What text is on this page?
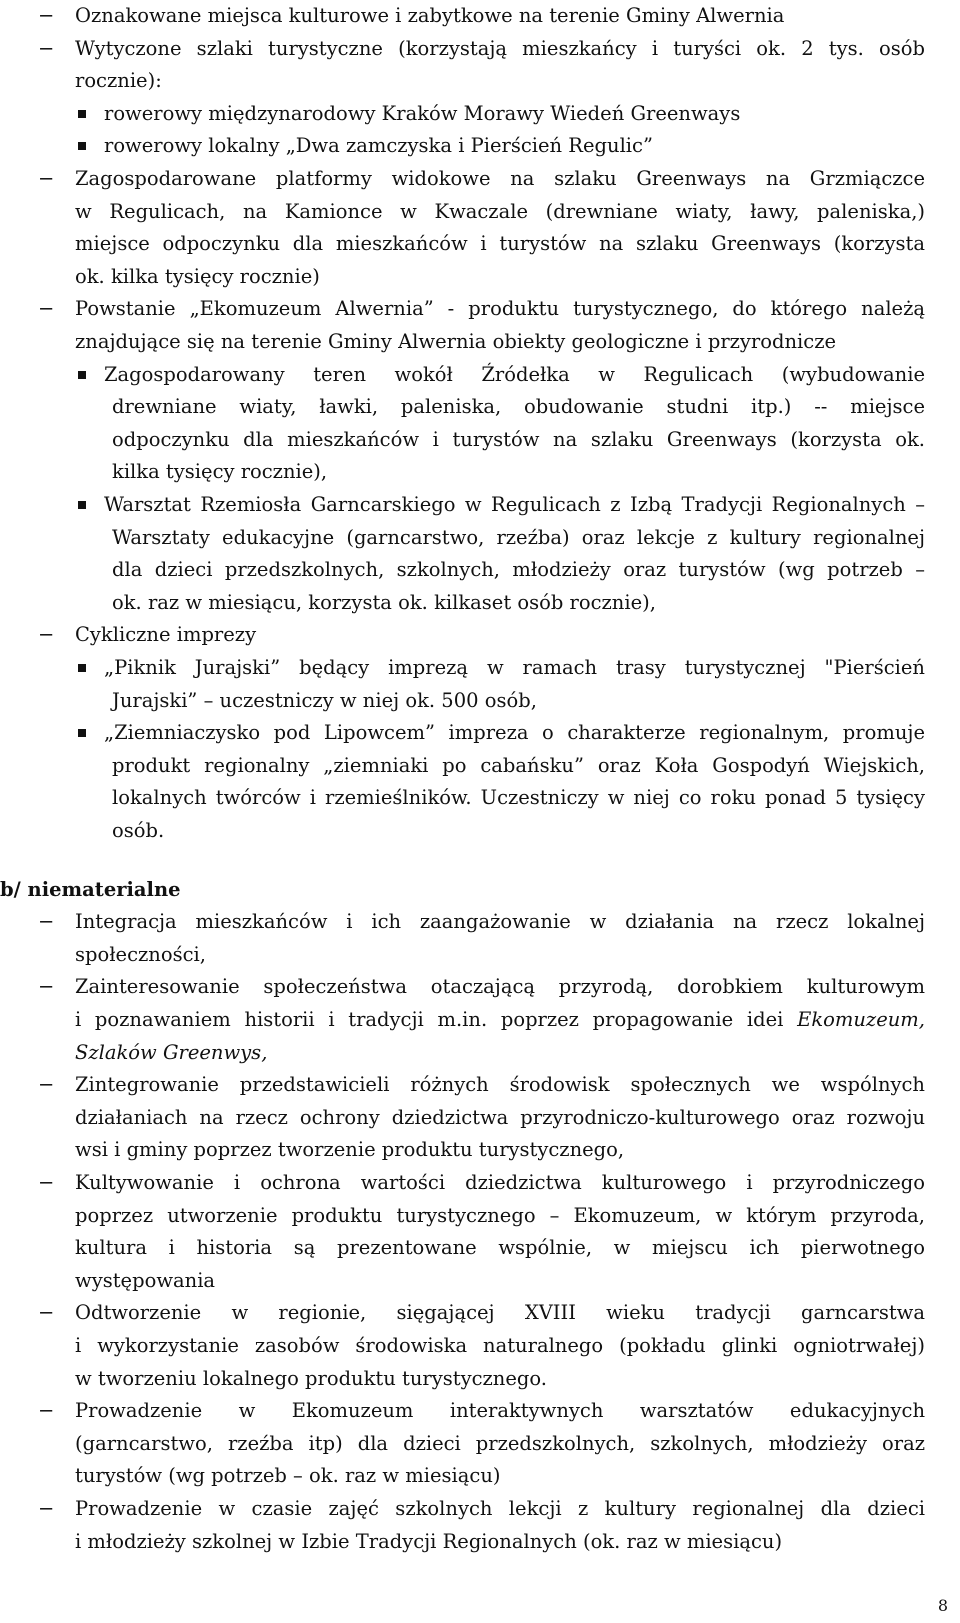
− Oznakowane miejsca kulturowe i zabytkowe na terenie Gminy Alwernia
− Wytyczone szlaki turystyczne (korzystają mieszkańcy i turyści ok. 2 tys. osób
rocznie):
rowerowy międzynarodowy Kraków Morawy Wiedeń Greenways
rowerowy lokalny „Dwa zamczyska i Pierścień Regulic”
− Zagospodarowane platformy widokowe na szlaku Greenways na Grzmiączce
w Regulicach, na Kamionce w Kwaczale (drewniane wiaty, ławy, paleniska,)
miejsce odpoczynku dla mieszkańców i turystów na szlaku Greenways (korzysta
ok. kilka tysięcy rocznie)
− Powstanie „Ekomuzeum Alwernia” - produktu turystycznego, do którego należą
znajdujące się na terenie Gminy Alwernia obiekty geologiczne i przyrodnicze
Zagospodarowany teren wokół Źródełka w Regulicach (wybudowanie
drewniane wiaty, ławki, paleniska, obudowanie studni itp.) -- miejsce
odpoczynku dla mieszkańców i turystów na szlaku Greenways (korzysta ok.
kilka tysięcy rocznie),
Warsztat Rzemiosła Garncarskiego w Regulicach z Izbą Tradycji Regionalnych –
Warsztaty edukacyjne (garncarstwo, rzeźba) oraz lekcje z kultury regionalnej
dla dzieci przedszkolnych, szkolnych, młodzieży oraz turystów (wg potrzeb –
ok. raz w miesiącu, korzysta ok. kilkaset osób rocznie),
− Cykliczne imprezy
„Piknik Jurajski” będący imprezą w ramach trasy turystycznej "Pierścień
Jurajski” – uczestniczy w niej ok. 500 osób,
„Ziemniaczysko pod Lipowcem” impreza o charakterze regionalnym, promuje
produkt regionalny „ziemniaki po cabańsku” oraz Koła Gospodyń Wiejskich,
lokalnych twórców i rzemieślników. Uczestniczy w niej co roku ponad 5 tysięcy
osób.
b/ niematerialne
− Integracja mieszkańców i ich zaangażowanie w działania na rzecz lokalnej
społeczności,
− Zainteresowanie społeczeństwa otaczającą przyrodą, dorobkiem kulturowym
i poznawaniem historii i tradycji m.in. poprzez propagowanie idei Ekomuzeum,
Szlaków Greenwys,
− Zintegrowanie przedstawicieli różnych środowisk społecznych we wspólnych
działaniach na rzecz ochrony dziedzictwa przyrodniczo-kulturowego oraz rozwoju
wsi i gminy poprzez tworzenie produktu turystycznego,
− Kultywowanie i ochrona wartości dziedzictwa kulturowego i przyrodniczego
poprzez utworzenie produktu turystycznego – Ekomuzeum, w którym przyroda,
kultura i historia są prezentowane wspólnie, w miejscu ich pierwotnego
występowania
− Odtworzenie w regionie, sięgającej XVIII wieku tradycji garncarstwa
i wykorzystanie zasobów środowiska naturalnego (pokładu glinki ogniotrwałej)
w tworzeniu lokalnego produktu turystycznego.
− Prowadzenie w Ekomuzeum interaktywnych warsztatów edukacyjnych
(garncarstwo, rzeźba itp) dla dzieci przedszkolnych, szkolnych, młodzieży oraz
turystów (wg potrzeb – ok. raz w miesiącu)
− Prowadzenie w czasie zajęć szkolnych lekcji z kultury regionalnej dla dzieci
i młodzieży szkolnej w Izbie Tradycji Regionalnych (ok. raz w miesiącu)
8
